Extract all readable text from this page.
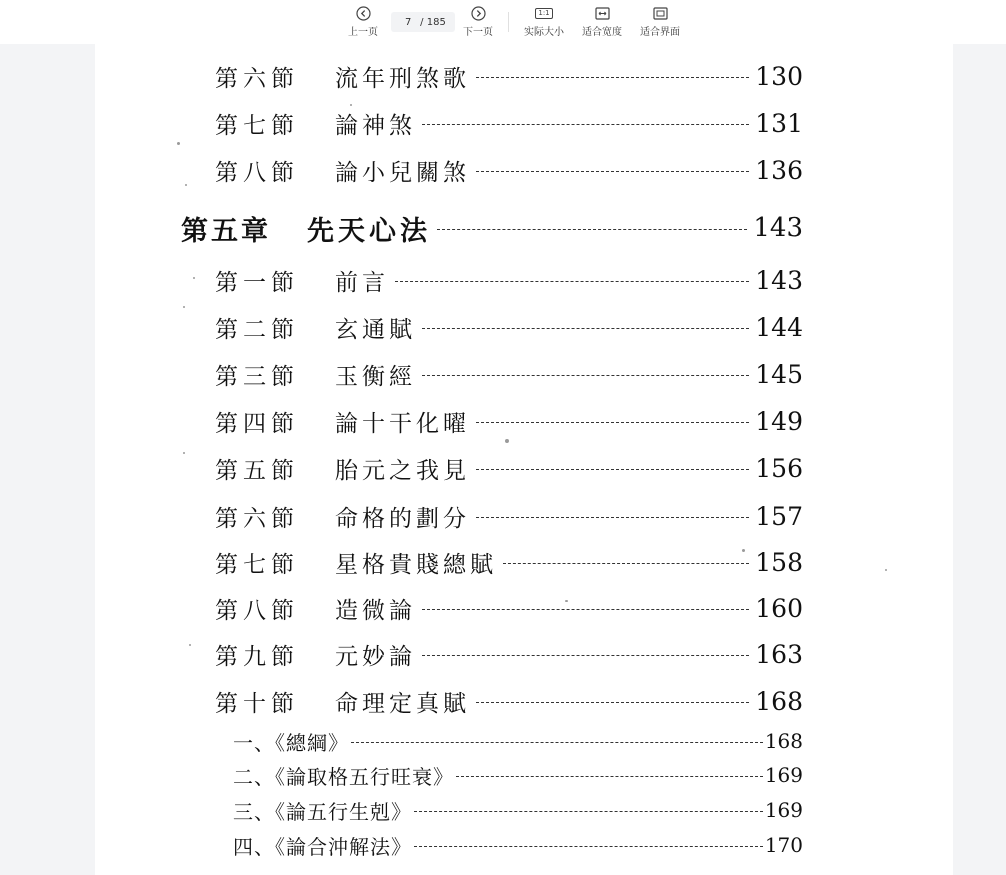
上一页
7 / 185
下一页
1:1
实际大小 适合宽度 适合界面
第六節	流年刑煞歌	130
第七節	論神煞	131
第八節	論小兒關煞	136
第五章	先天心法	143
第一節	前言	143
第二節	玄通賦	144
第三節	玉衡經	145
第四節	論十干化曜	149
第五節	胎元之我見	156
第六節	命格的劃分	157
第七節	星格貴賤總賦	158
第八節	造微論	160
第九節	元妙論	163
第十節	命理定真賦	168
一、《總綱》	168
二、《論取格五行旺衰》	169
三、《論五行生剋》	169
四、《論合沖解法》	170
